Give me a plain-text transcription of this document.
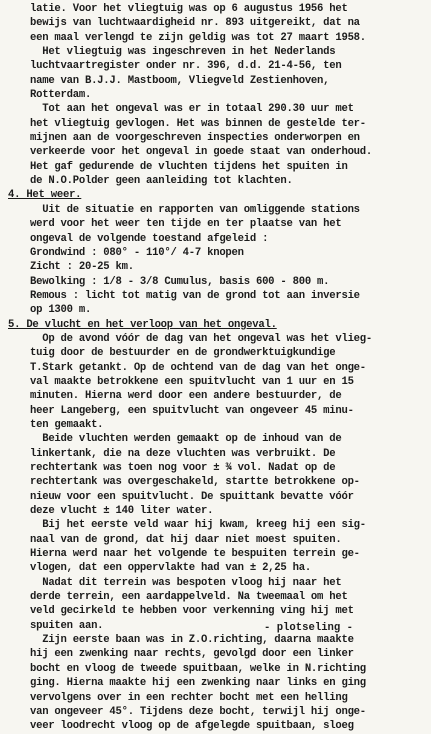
latie. Voor het vliegtuig was op 6 augustus 1956 het
bewijs van luchtwaardigheid nr. 893 uitgereikt, dat na
een maal verlengd te zijn geldig was tot 27 maart 1958.
Het vliegtuig was ingeschreven in het Nederlands
luchtvaartregister onder nr. 396, d.d. 21-4-56, ten
name van B.J.J. Mastboom, Vliegveld Zestienhoven,
Rotterdam.
Tot aan het ongeval was er in totaal 290.30 uur met
het vliegtuig gevlogen. Het was binnen de gestelde ter-
mijnen aan de voorgeschreven inspecties onderworpen en
verkeerde voor het ongeval in goede staat van onderhoud.
Het gaf gedurende de vluchten tijdens het spuiten in
de N.O.Polder geen aanleiding tot klachten.
4. Het weer.
Uit de situatie en rapporten van omliggende stations
werd voor het weer ten tijde en ter plaatse van het
ongeval de volgende toestand afgeleid :
Grondwind : 080° - 110°/ 4-7 knopen
Zicht : 20-25 km.
Bewolking : 1/8 - 3/8 Cumulus, basis 600 - 800 m.
Remous : licht tot matig van de grond tot aan inversie
op 1300 m.
5. De vlucht en het verloop van het ongeval.
Op de avond vóór de dag van het ongeval was het vlieg-
tuig door de bestuurder en de grondwerktuigkundige
T.Stark getankt. Op de ochtend van de dag van het onge-
val maakte betrokkene een spuitvlucht van 1 uur en 15
minuten. Hierna werd door een andere bestuurder, de
heer Langeberg, een spuitvlucht van ongeveer 45 minu-
ten gemaakt.
Beide vluchten werden gemaakt op de inhoud van de
linkertank, die na deze vluchten was verbruikt. De
rechtertank was toen nog voor ± ¾ vol. Nadat op de
rechtertank was overgeschakeld, startte betrokkene op-
nieuw voor een spuitvlucht. De spuittank bevatte vóór
deze vlucht ± 140 liter water.
Bij het eerste veld waar hij kwam, kreeg hij een sig-
naal van de grond, dat hij daar niet moest spuiten.
Hierna werd naar het volgende te bespuiten terrein ge-
vlogen, dat een oppervlakte had van ± 2,25 ha.
Nadat dit terrein was bespoten vloog hij naar het
derde terrein, een aardappelveld. Na tweemaal om het
veld gecirkeld te hebben voor verkenning ving hij met
spuiten aan.
Zijn eerste baan was in Z.O.richting, daarna maakte
hij een zwenking naar rechts, gevolgd door een linker
bocht en vloog de tweede spuitbaan, welke in N.richting
ging. Hierna maakte hij een zwenking naar links en ging
vervolgens over in een rechter bocht met een helling
van ongeveer 45°. Tijdens deze bocht, terwijl hij onge-
veer loodrecht vloog op de afgelegde spuitbaan, sloeg
- plotseling -
